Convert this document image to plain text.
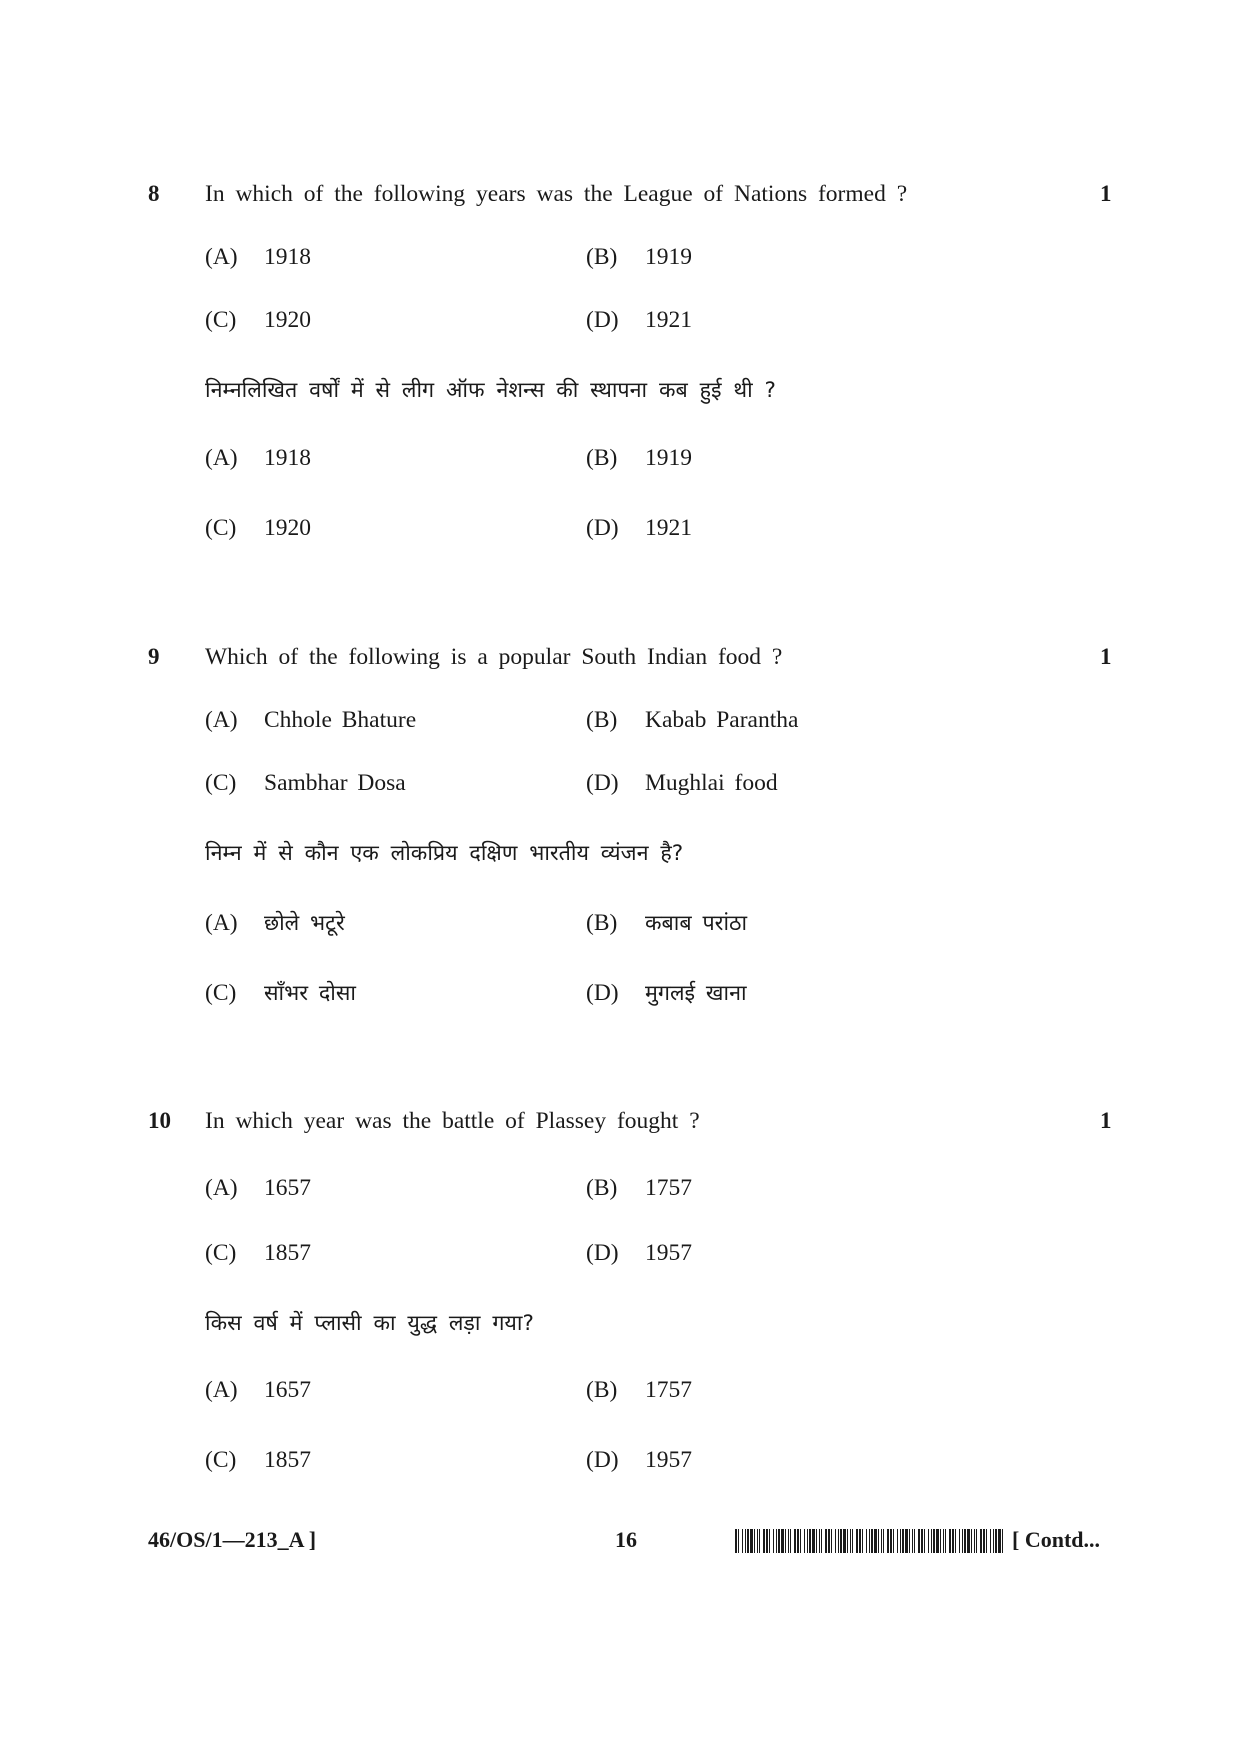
8 In which of the following years was the League of Nations formed ?	1
(A) 1918	(B) 1919
(C) 1920	(D) 1921
निम्नलिखित वर्षों में से लीग ऑफ नेशन्स की स्थापना कब हुई थी ?
(A) 1918	(B) 1919
(C) 1920	(D) 1921
9 Which of the following is a popular South Indian food ?	1
(A) Chhole Bhature	(B) Kabab Parantha
(C) Sambhar Dosa	(D) Mughlai food
निम्न में से कौन एक लोकप्रिय दक्षिण भारतीय व्यंजन है?
(A) छोले भटूरे	(B) कबाब परांठा
(C) साँभर दोसा	(D) मुगलई खाना
10 In which year was the battle of Plassey fought ?	1
(A) 1657	(B) 1757
(C) 1857	(D) 1957
किस वर्ष में प्लासी का युद्ध लड़ा गया?
(A) 1657	(B) 1757
(C) 1857	(D) 1957
46/OS/1—213_A ]	16	[ Contd...
